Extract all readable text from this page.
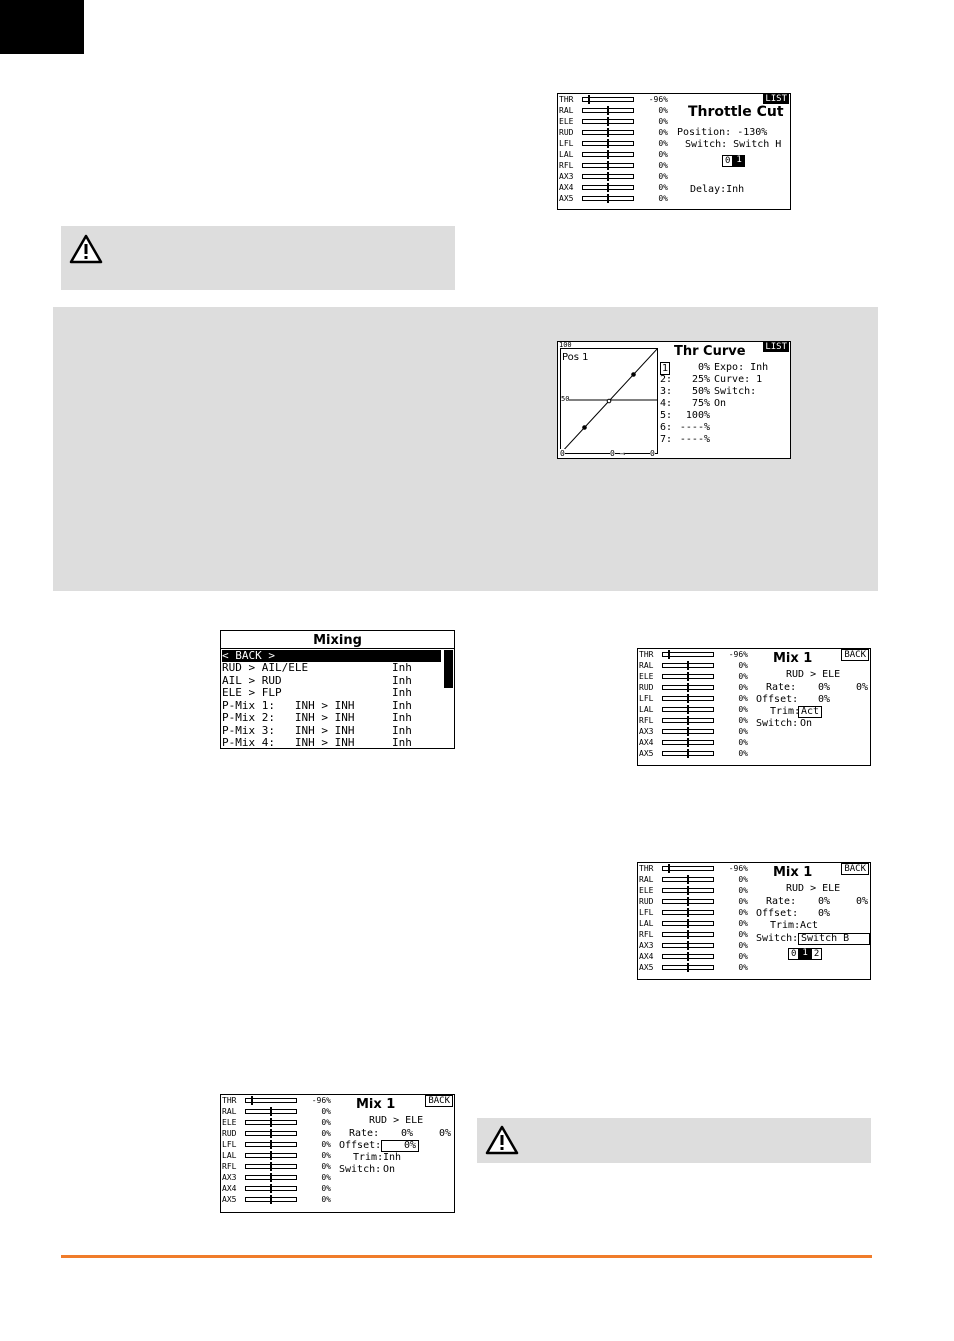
THR	-96%
RAL	0%
ELE	0%
RUD	0%
LFL	0%
LAL	0%
RFL	0%
AX3	0%
AX4	0%
AX5	0%
LIST
Throttle Cut
Position: -130%
Switch: Switch H
0 1
Delay:Inh
100
Pos 1
50
0	0 ⟶	0
LIST
Thr Curve
1	0% Expo: Inh
2:	25% Curve: 1
3:	50% Switch:
4:	75% On
5:	100%
6: ----%
7: ----%
Mixing
< BACK >
RUD > AIL/ELE	Inh
AIL > RUD	Inh
ELE > FLP	Inh
P-Mix 1:   INH > INH	Inh
P-Mix 2:   INH > INH	Inh
P-Mix 3:   INH > INH	Inh
P-Mix 4:   INH > INH	Inh
THR	-96%
RAL	0%
ELE	0%
RUD	0%
LFL	0%
LAL	0%
RFL	0%
AX3	0%
AX4	0%
AX5	0%
BACK
Mix 1
RUD > ELE
Rate: 0%	0%
Offset: 0%
Trim: Act
Switch: On
THR	-96%
RAL	0%
ELE	0%
RUD	0%
LFL	0%
LAL	0%
RFL	0%
AX3	0%
AX4	0%
AX5	0%
BACK
Mix 1
RUD > ELE
Rate: 0%	0%
Offset: 0%
Trim: Act
Switch: Switch B
0 1 2
THR	-96%
RAL	0%
ELE	0%
RUD	0%
LFL	0%
LAL	0%
RFL	0%
AX3	0%
AX4	0%
AX5	0%
BACK
Mix 1
RUD > ELE
Rate: 0%	0%
Offset:	0%
Trim: Inh
Switch: On
